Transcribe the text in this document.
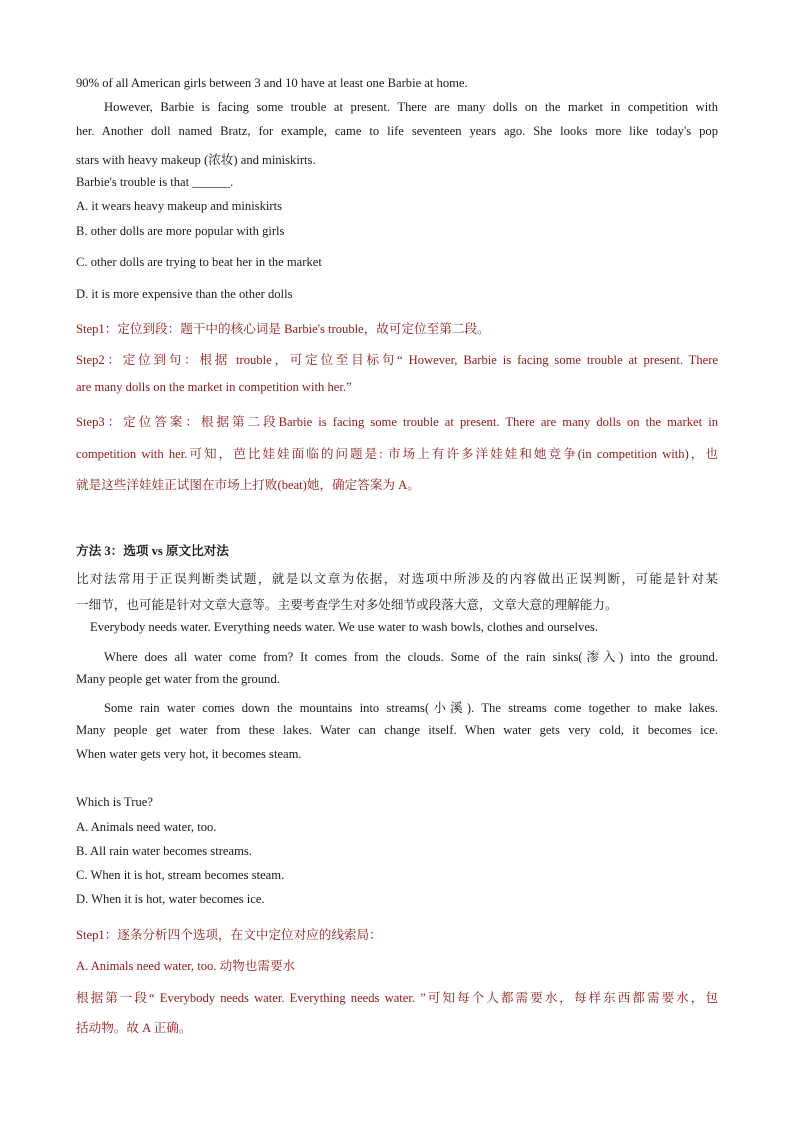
90% of all American girls between 3 and 10 have at least one Barbie at home.
However, Barbie is facing some trouble at present. There are many dolls on the market in competition with
her. Another doll named Bratz, for example, came to life seventeen years ago. She looks more like today's pop
stars with heavy makeup (浓妆) and miniskirts.
Barbie's trouble is that ______.
A. it wears heavy makeup and miniskirts
B. other dolls are more popular with girls
C. other dolls are trying to beat her in the market
D. it is more expensive than the other dolls
Step1：定位到段：题干中的核心词是 Barbie's trouble，故可定位至第二段。
Step2：定位到句：根据 trouble，可定位至目标句“ However, Barbie is facing some trouble at present. There
are many dolls on the market in competition with her.”
Step3：定位答案：根据第二段Barbie is facing some trouble at present. There are many dolls on the market in
competition with her.可知，芭比娃娃面临的问题是: 市场上有许多洋娃娃和她竞争(in competition with)，也
就是这些洋娃娃正试图在市场上打败(beat)她，确定答案为 A。
方法 3：选项 vs 原文比对法
比对法常用于正误判断类试题，就是以文章为依据，对选项中所涉及的内容做出正误判断，可能是针对某
一细节，也可能是针对文章大意等。主要考查学生对多处细节或段落大意，文章大意的理解能力。
Everybody needs water. Everything needs water. We use water to wash bowls, clothes and ourselves.
Where does all water come from? It comes from the clouds. Some of the rain sinks(渗入) into the ground.
Many people get water from the ground.
Some rain water comes down the mountains into streams(小溪). The streams come together to make lakes.
Many people get water from these lakes. Water can change itself. When water gets very cold, it becomes ice.
When water gets very hot, it becomes steam.
Which is True?
A. Animals need water, too.
B. All rain water becomes streams.
C. When it is hot, stream becomes steam.
D. When it is hot, water becomes ice.
Step1：逐条分析四个选项，在文中定位对应的线索局：
A. Animals need water, too. 动物也需要水
根据第一段“ Everybody needs water. Everything needs water. ”可知每个人都需要水，每样东西都需要水，包
括动物。故 A 正确。
